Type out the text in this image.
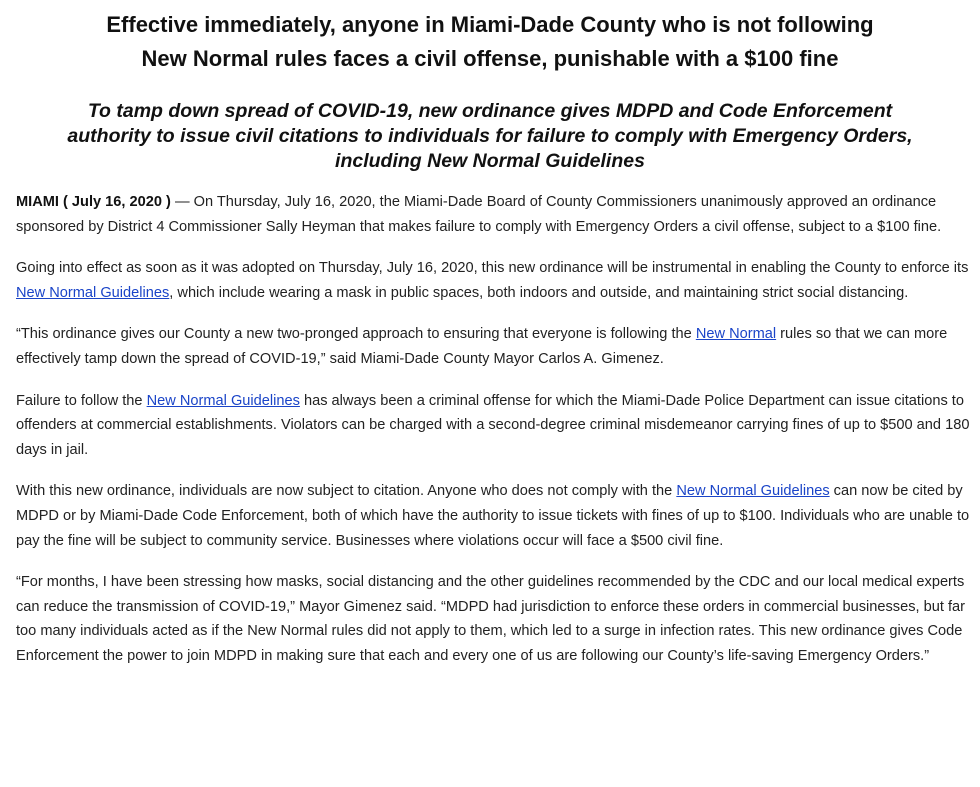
Effective immediately, anyone in Miami-Dade County who is not following
New Normal rules faces a civil offense, punishable with a $100 fine
To tamp down spread of COVID-19, new ordinance gives MDPD and Code Enforcement
authority to issue civil citations to individuals for failure to comply with Emergency Orders,
including New Normal Guidelines

MIAMI ( July 16, 2020 ) — On Thursday, July 16, 2020, the Miami-Dade Board of County Commissioners unanimously approved an ordinance sponsored by District 4 Commissioner Sally Heyman that makes failure to comply with Emergency Orders a civil offense, subject to a $100 fine.

Going into effect as soon as it was adopted on Thursday, July 16, 2020, this new ordinance will be instrumental in enabling the County to enforce its New Normal Guidelines, which include wearing a mask in public spaces, both indoors and outside, and maintaining strict social distancing.

“This ordinance gives our County a new two-pronged approach to ensuring that everyone is following the New Normal rules so that we can more effectively tamp down the spread of COVID-19,” said Miami-Dade County Mayor Carlos A. Gimenez.

Failure to follow the New Normal Guidelines has always been a criminal offense for which the Miami-Dade Police Department can issue citations to offenders at commercial establishments. Violators can be charged with a second-degree criminal misdemeanor carrying fines of up to $500 and 180 days in jail.

With this new ordinance, individuals are now subject to citation. Anyone who does not comply with the New Normal Guidelines can now be cited by MDPD or by Miami-Dade Code Enforcement, both of which have the authority to issue tickets with fines of up to $100. Individuals who are unable to pay the fine will be subject to community service. Businesses where violations occur will face a $500 civil fine.

“For months, I have been stressing how masks, social distancing and the other guidelines recommended by the CDC and our local medical experts can reduce the transmission of COVID-19,” Mayor Gimenez said. “MDPD had jurisdiction to enforce these orders in commercial businesses, but far too many individuals acted as if the New Normal rules did not apply to them, which led to a surge in infection rates. This new ordinance gives Code Enforcement the power to join MDPD in making sure that each and every one of us are following our County’s life-saving Emergency Orders.”
